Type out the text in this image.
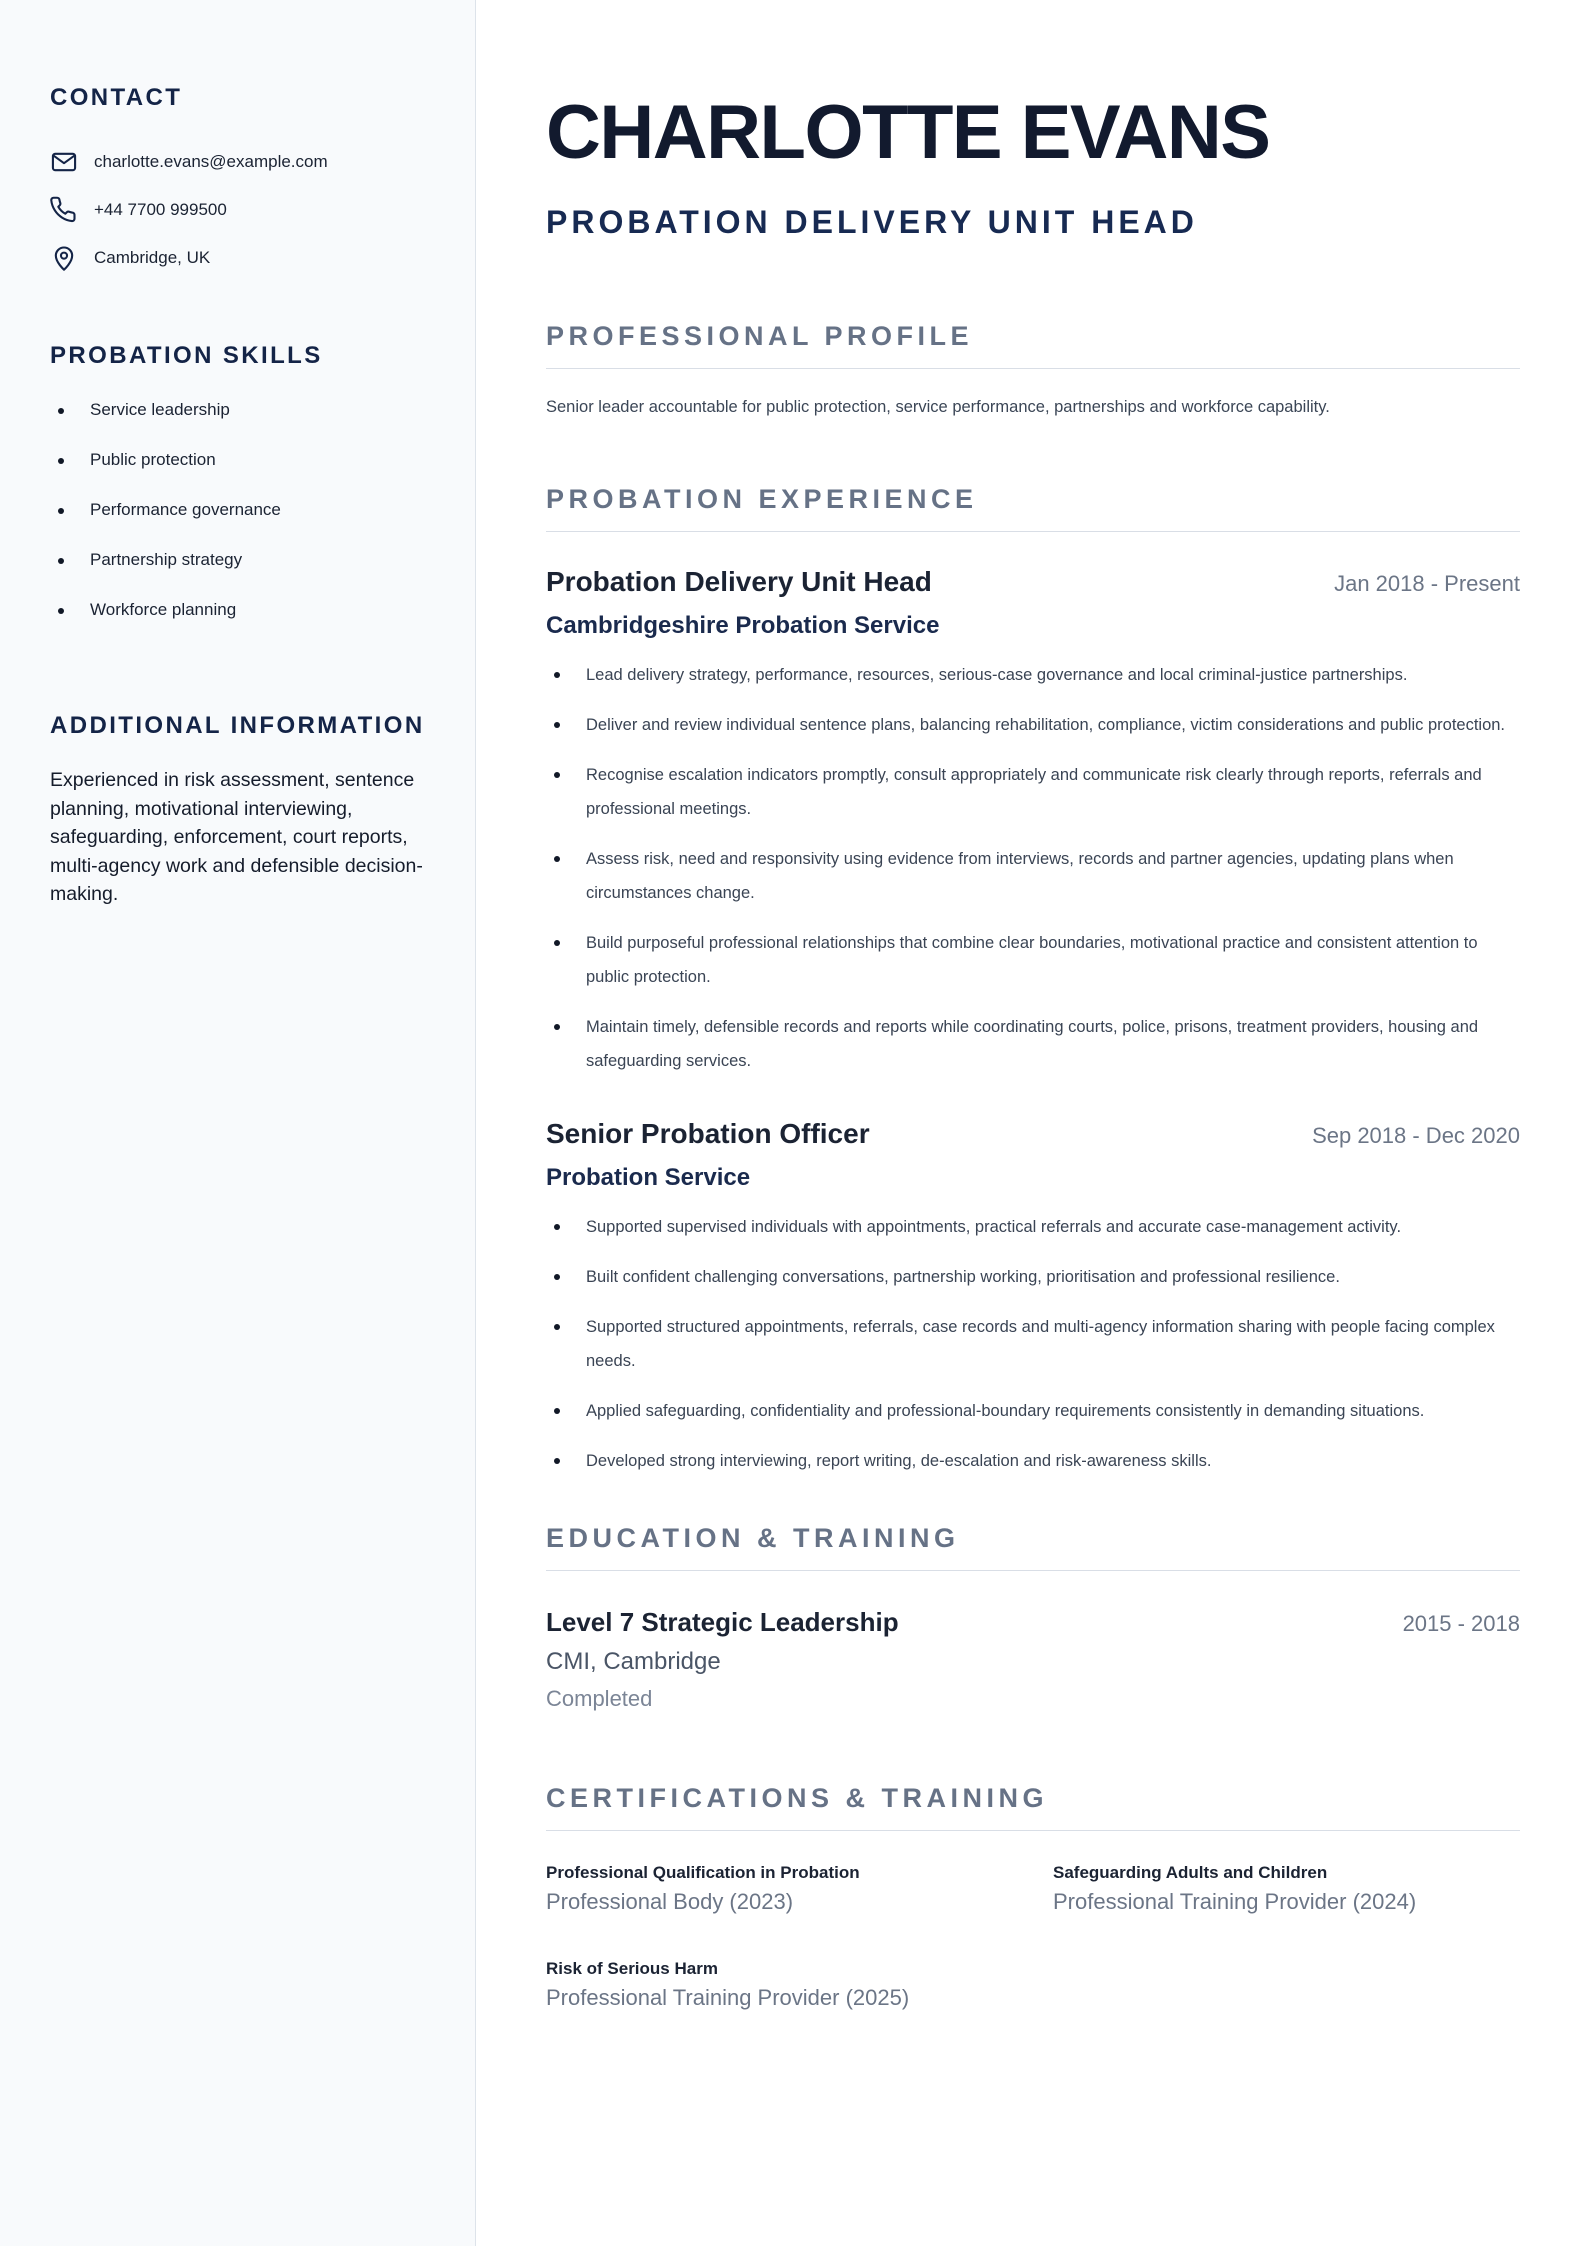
CONTACT
charlotte.evans@example.com
+44 7700 999500
Cambridge, UK
PROBATION SKILLS
Service leadership
Public protection
Performance governance
Partnership strategy
Workforce planning
ADDITIONAL INFORMATION
Experienced in risk assessment, sentence planning, motivational interviewing, safeguarding, enforcement, court reports, multi-agency work and defensible decision-making.
CHARLOTTE EVANS
PROBATION DELIVERY UNIT HEAD
PROFESSIONAL PROFILE

Senior leader accountable for public protection, service performance, partnerships and workforce capability.

PROBATION EXPERIENCE
Probation Delivery Unit Head	Jan 2018 - Present
Cambridgeshire Probation Service
Lead delivery strategy, performance, resources, serious-case governance and local criminal-justice partnerships.
Deliver and review individual sentence plans, balancing rehabilitation, compliance, victim considerations and public protection.
Recognise escalation indicators promptly, consult appropriately and communicate risk clearly through reports, referrals and professional meetings.
Assess risk, need and responsivity using evidence from interviews, records and partner agencies, updating plans when circumstances change.
Build purposeful professional relationships that combine clear boundaries, motivational practice and consistent attention to public protection.
Maintain timely, defensible records and reports while coordinating courts, police, prisons, treatment providers, housing and safeguarding services.
Senior Probation Officer	Sep 2018 - Dec 2020
Probation Service
Supported supervised individuals with appointments, practical referrals and accurate case-management activity.
Built confident challenging conversations, partnership working, prioritisation and professional resilience.
Supported structured appointments, referrals, case records and multi-agency information sharing with people facing complex needs.
Applied safeguarding, confidentiality and professional-boundary requirements consistently in demanding situations.
Developed strong interviewing, report writing, de-escalation and risk-awareness skills.
EDUCATION & TRAINING
Level 7 Strategic Leadership	2015 - 2018
CMI, Cambridge
Completed
CERTIFICATIONS & TRAINING
Professional Qualification in Probation
Professional Body (2023)
Safeguarding Adults and Children
Professional Training Provider (2024)
Risk of Serious Harm
Professional Training Provider (2025)
